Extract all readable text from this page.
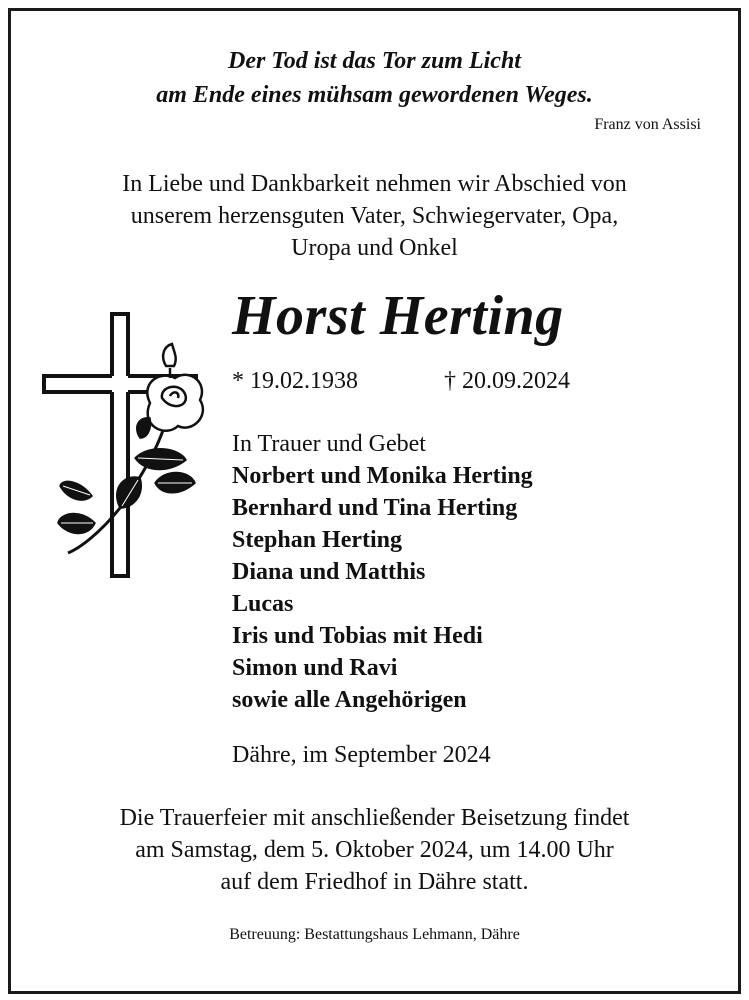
Der Tod ist das Tor zum Licht
am Ende eines mühsam gewordenen Weges.
Franz von Assisi
In Liebe und Dankbarkeit nehmen wir Abschied von
unserem herzensguten Vater, Schwiegervater, Opa,
Uropa und Onkel
Horst Herting
* 19.02.1938	† 20.09.2024
In Trauer und Gebet
Norbert und Monika Herting
Bernhard und Tina Herting
Stephan Herting
Diana und Matthis
Lucas
Iris und Tobias mit Hedi
Simon und Ravi
sowie alle Angehörigen
Dähre, im September 2024
Die Trauerfeier mit anschließender Beisetzung findet
am Samstag, dem 5. Oktober 2024, um 14.00 Uhr
auf dem Friedhof in Dähre statt.
Betreuung: Bestattungshaus Lehmann, Dähre
